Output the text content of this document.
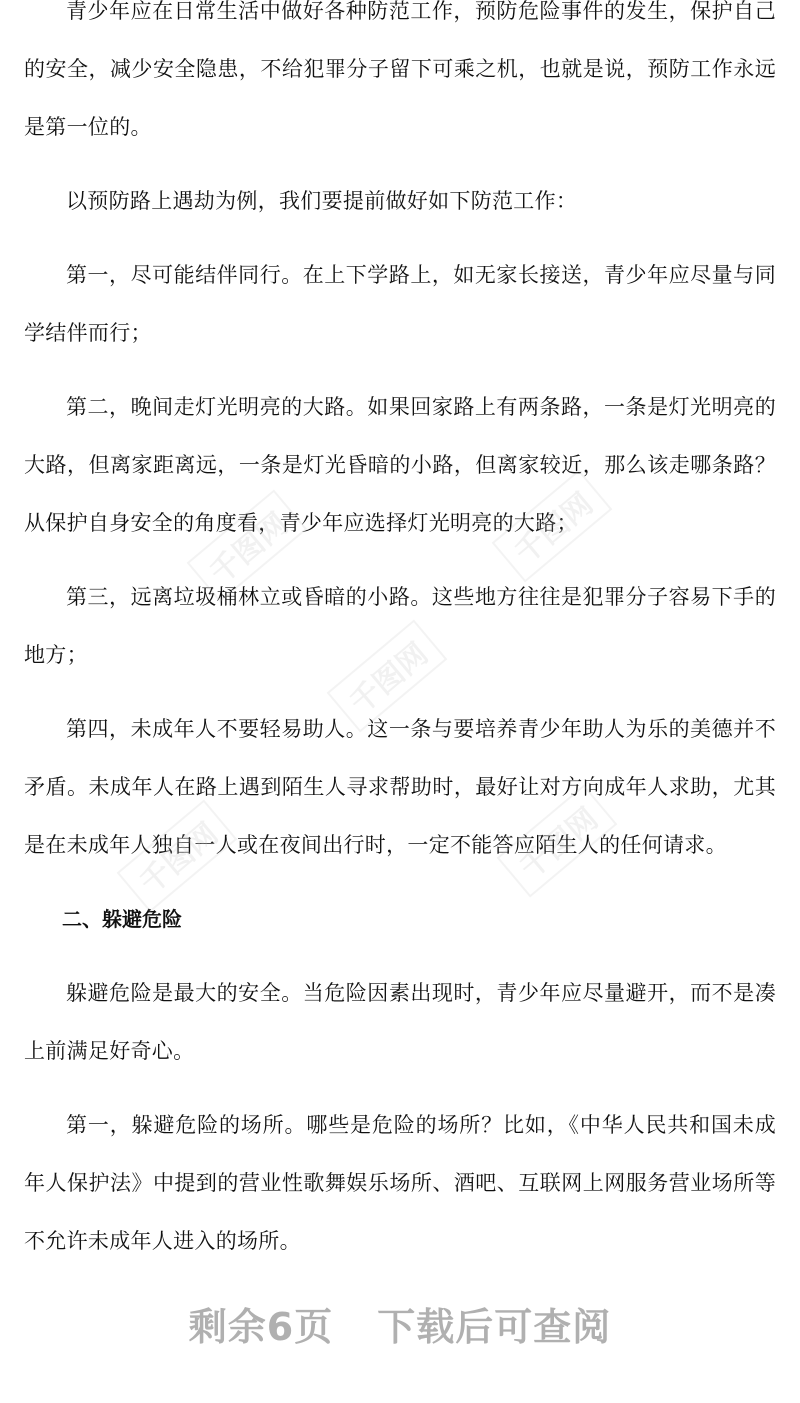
青少年应在日常生活中做好各种防范工作，预防危险事件的发生，保护自己的安全，减少安全隐患，不给犯罪分子留下可乘之机，也就是说，预防工作永远是第一位的。

以预防路上遇劫为例，我们要提前做好如下防范工作：

第一，尽可能结伴同行。在上下学路上，如无家长接送，青少年应尽量与同学结伴而行；

第二，晚间走灯光明亮的大路。如果回家路上有两条路，一条是灯光明亮的大路，但离家距离远，一条是灯光昏暗的小路，但离家较近，那么该走哪条路？从保护自身安全的角度看，青少年应选择灯光明亮的大路；

第三，远离垃圾桶林立或昏暗的小路。这些地方往往是犯罪分子容易下手的地方；

第四，未成年人不要轻易助人。这一条与要培养青少年助人为乐的美德并不矛盾。未成年人在路上遇到陌生人寻求帮助时，最好让对方向成年人求助，尤其是在未成年人独自一人或在夜间出行时，一定不能答应陌生人的任何请求。

二、躲避危险

躲避危险是最大的安全。当危险因素出现时，青少年应尽量避开，而不是凑上前满足好奇心。

第一，躲避危险的场所。哪些是危险的场所？比如，《中华人民共和国未成年人保护法》中提到的营业性歌舞娱乐场所、酒吧、互联网上网服务营业场所等不允许未成年人进入的场所。

千图网	千图网
千图网
千图网	千图网
剩余6页 下载后可查阅
